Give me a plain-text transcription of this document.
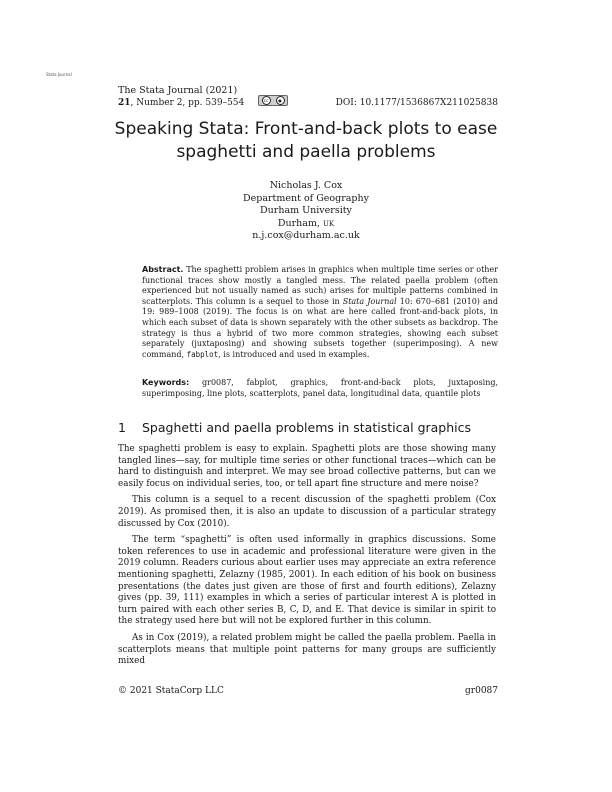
Stata Journal
The Stata Journal (2021)
21, Number 2, pp. 539–554	cc	●	DOI: 10.1177/1536867X211025838
Speaking Stata: Front-and-back plots to ease spaghetti and paella problems
Nicholas J. Cox
Department of Geography
Durham University
Durham, UK
n.j.cox@durham.ac.uk
Abstract. The spaghetti problem arises in graphics when multiple time series or other functional traces show mostly a tangled mess. The related paella problem (often experienced but not usually named as such) arises for multiple patterns combined in scatterplots. This column is a sequel to those in Stata Journal 10: 670–681 (2010) and 19: 989–1008 (2019). The focus is on what are here called front-and-back plots, in which each subset of data is shown separately with the other subsets as backdrop. The strategy is thus a hybrid of two more common strategies, showing each subset separately (juxtaposing) and showing subsets together (superimposing). A new command, fabplot, is introduced and used in examples.
Keywords: gr0087, fabplot, graphics, front-and-back plots, juxtaposing, superimposing, line plots, scatterplots, panel data, longitudinal data, quantile plots
1 Spaghetti and paella problems in statistical graphics

The spaghetti problem is easy to explain. Spaghetti plots are those showing many tangled lines—say, for multiple time series or other functional traces—which can be hard to distinguish and interpret. We may see broad collective patterns, but can we easily focus on individual series, too, or tell apart fine structure and mere noise?

This column is a sequel to a recent discussion of the spaghetti problem (Cox 2019). As promised then, it is also an update to discussion of a particular strategy discussed by Cox (2010).

The term “spaghetti” is often used informally in graphics discussions. Some token references to use in academic and professional literature were given in the 2019 column. Readers curious about earlier uses may appreciate an extra reference mentioning spaghetti, Zelazny (1985, 2001). In each edition of his book on business presentations (the dates just given are those of first and fourth editions), Zelazny gives (pp. 39, 111) examples in which a series of particular interest A is plotted in turn paired with each other series B, C, D, and E. That device is similar in spirit to the strategy used here but will not be explored further in this column.

As in Cox (2019), a related problem might be called the paella problem. Paella in scatterplots means that multiple point patterns for many groups are sufficiently mixed

© 2021 StataCorp LLC	gr0087
